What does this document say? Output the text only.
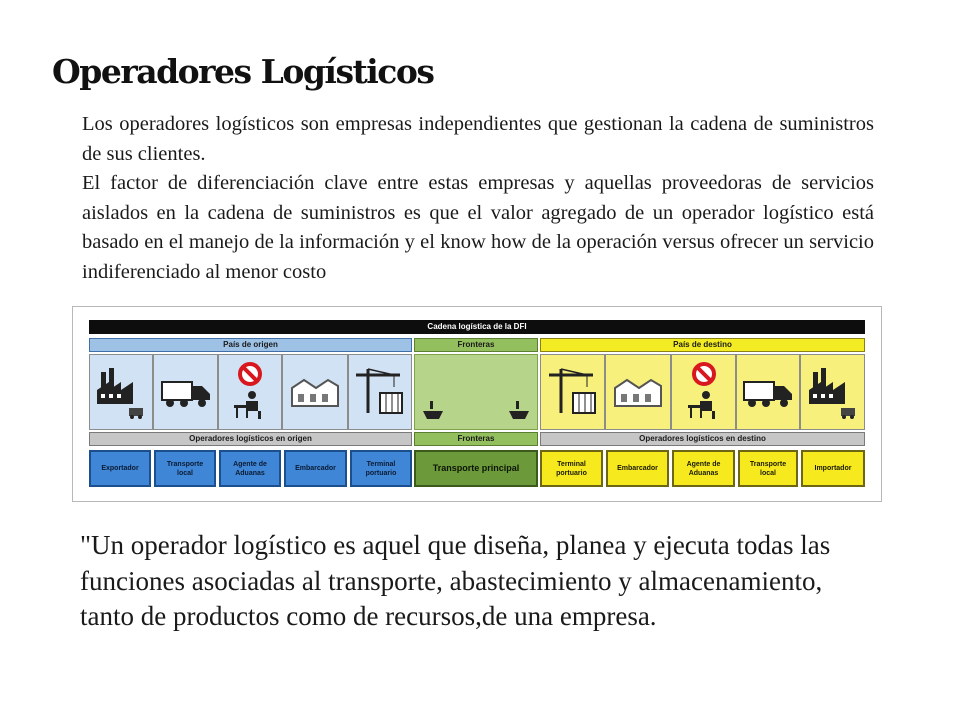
Operadores Logísticos

Los operadores logísticos son empresas independientes que gestionan la cadena de suministros de sus clientes.

El factor de diferenciación clave entre estas empresas y aquellas proveedoras de servicios aislados en la cadena de suministros es que el valor agregado de un operador logístico está basado en el manejo de la información y el know how de la operación versus ofrecer un servicio indiferenciado al menor costo

Cadena logística de la DFI
País de origen	Fronteras	País de destino
Operadores logísticos en origen	Fronteras	Operadores logísticos en destino
Exportador
Transporte local
Agente de Aduanas
Embarcador
Terminal portuario	Transporte principal	Terminal portuario
Embarcador
Agente de Aduanas
Transporte local
Importador

"Un operador logístico es aquel que diseña, planea y ejecuta todas las funciones asociadas al transporte, abastecimiento y almacenamiento, tanto de productos como de recursos,de una empresa.
